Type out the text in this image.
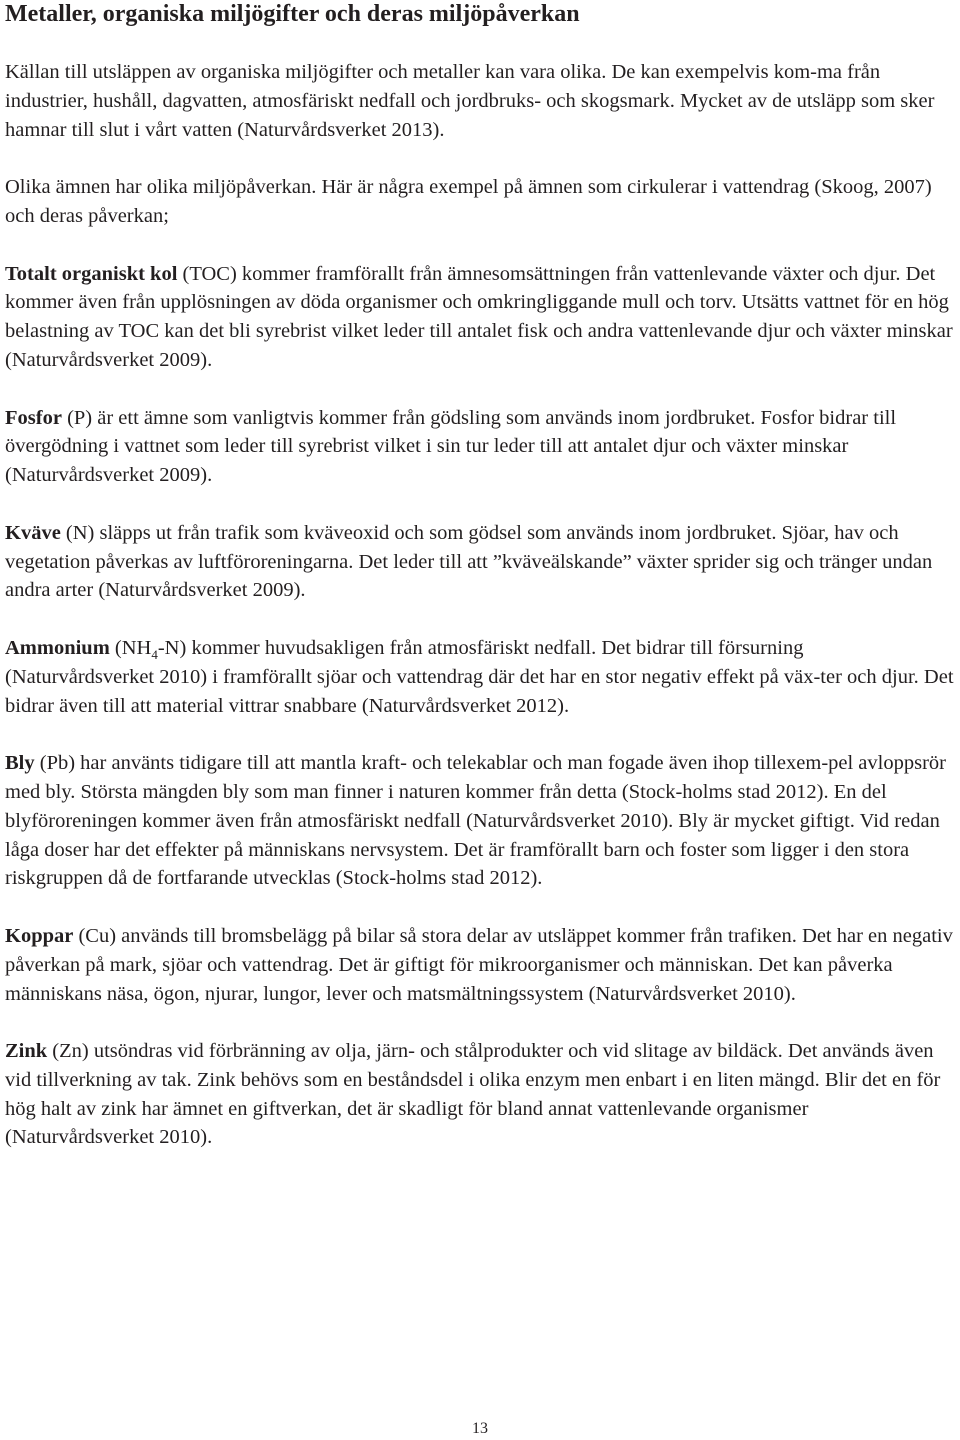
Metaller, organiska miljögifter och deras miljöpåverkan

Källan till utsläppen av organiska miljögifter och metaller kan vara olika. De kan exempelvis kom-ma från industrier, hushåll, dagvatten, atmosfäriskt nedfall och jordbruks- och skogsmark. Mycket av de utsläpp som sker hamnar till slut i vårt vatten (Naturvårdsverket 2013).

Olika ämnen har olika miljöpåverkan. Här är några exempel på ämnen som cirkulerar i vattendrag (Skoog, 2007) och deras påverkan;

Totalt organiskt kol (TOC) kommer framförallt från ämnesomsättningen från vattenlevande växter och djur. Det kommer även från upplösningen av döda organismer och omkringliggande mull och torv. Utsätts vattnet för en hög belastning av TOC kan det bli syrebrist vilket leder till antalet fisk och andra vattenlevande djur och växter minskar (Naturvårdsverket 2009).

Fosfor (P) är ett ämne som vanligtvis kommer från gödsling som används inom jordbruket. Fosfor bidrar till övergödning i vattnet som leder till syrebrist vilket i sin tur leder till att antalet djur och växter minskar (Naturvårdsverket 2009).

Kväve (N) släpps ut från trafik som kväveoxid och som gödsel som används inom jordbruket. Sjöar, hav och vegetation påverkas av luftföroreningarna. Det leder till att ”kväveälskande” växter sprider sig och tränger undan andra arter (Naturvårdsverket 2009).

Ammonium $(NH_4-N)$ kommer huvudsakligen från atmosfäriskt nedfall. Det bidrar till försurning (Naturvårdsverket 2010) i framförallt sjöar och vattendrag där det har en stor negativ effekt på väx-ter och djur. Det bidrar även till att material vittrar snabbare (Naturvårdsverket 2012).

Bly (Pb) har använts tidigare till att mantla kraft- och telekablar och man fogade även ihop tillexem-pel avloppsrör med bly. Största mängden bly som man finner i naturen kommer från detta (Stock-holms stad 2012). En del blyföroreningen kommer även från atmosfäriskt nedfall (Naturvårdsverket 2010). Bly är mycket giftigt. Vid redan låga doser har det effekter på människans nervsystem. Det är framförallt barn och foster som ligger i den stora riskgruppen då de fortfarande utvecklas (Stock-holms stad 2012).

Koppar (Cu) används till bromsbelägg på bilar så stora delar av utsläppet kommer från trafiken. Det har en negativ påverkan på mark, sjöar och vattendrag. Det är giftigt för mikroorganismer och människan. Det kan påverka människans näsa, ögon, njurar, lungor, lever och matsmältningssystem (Naturvårdsverket 2010).

Zink (Zn) utsöndras vid förbränning av olja, järn- och stålprodukter och vid slitage av bildäck. Det används även vid tillverkning av tak. Zink behövs som en beståndsdel i olika enzym men enbart i en liten mängd. Blir det en för hög halt av zink har ämnet en giftverkan, det är skadligt för bland annat vattenlevande organismer (Naturvårdsverket 2010).

13
